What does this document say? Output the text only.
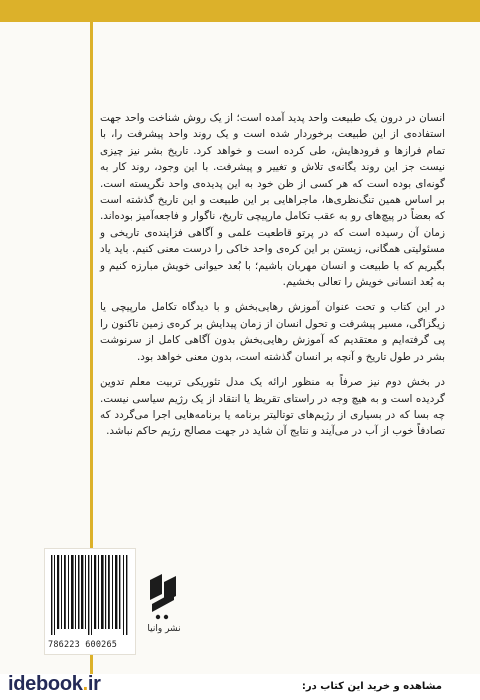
انسان در درون یک طبیعت واحد پدید آمده است؛ از یک روش شناخت واحد جهت استفاده‌ی از این طبیعت برخوردار شده است و یک روند واحد پیشرفت را، با تمام فرازها و فرودهایش، طی کرده است و خواهد کرد. تاریخ بشر نیز چیزی نیست جز این روند یگانه‌ی تلاش و تغییر و پیشرفت. با این وجود، روند کار به گونه‌ای بوده است که هر کسی از ظن خود به این پدیده‌ی واحد نگریسته است. بر اساس همین تنگ‌نظری‌ها، ماجراهایی بر این طبیعت و این تاریخ گذشته است که بعضاً در پیچ‌های رو به عقب تکامل مارپیچی تاریخ، ناگوار و فاجعه‌آمیز بوده‌اند. زمان آن رسیده است که در پرتو قاطعیت علمی و آگاهی فزاینده‌ی تاریخی و مسئولیتی همگانی، زیستن بر این کره‌ی واحد خاکی را درست معنی کنیم. باید یاد بگیریم که با طبیعت و انسان مهربان باشیم؛ با بُعد حیوانی خویش مبارزه کنیم و به بُعد انسانی خویش را تعالی بخشیم.

در این کتاب و تحت عنوان آموزش رهایی‌بخش و با دیدگاه تکامل مارپیچی یا زیگزاگی، مسیر پیشرفت و تحول انسان از زمان پیدایش بر کره‌ی زمین تاکنون را پی گرفته‌ایم و معتقدیم که آموزش رهایی‌بخش بدون آگاهی کامل از سرنوشت بشر در طول تاریخ و آنچه بر انسان گذشته است، بدون معنی خواهد بود.

در بخش دوم نیز صرفاً به منظور ارائه یک مدل تئوریکی تربیت معلم تدوین گردیده است و به هیچ وجه در راستای تقریظ یا انتقاد از یک رژیم سیاسی نیست. چه بسا که در بسیاری از رژیم‌های توتالیتر برنامه یا برنامه‌هایی اجرا می‌گردد که تصادفاً خوب از آب در می‌آیند و نتایج آن شاید در جهت مصالح رژیم حاکم نباشد.

786223 600265
نشر وانیا
idebook.ir	مشاهده و خرید این کتاب در:
